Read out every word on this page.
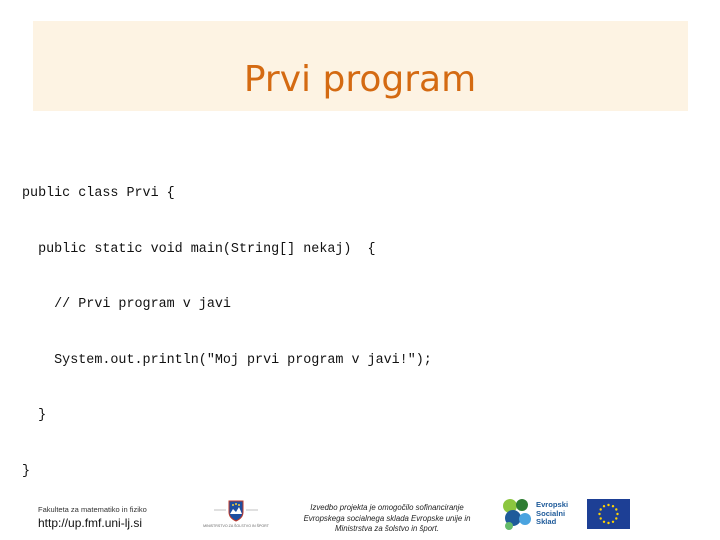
Prvi program

public class Prvi {

public static void main(String[] nekaj)  {

// Prvi program v javi

System.out.println("Moj prvi program v javi!");

}

}

Fakulteta za matematiko in fiziko
http://up.fmf.uni-lj.si	MINISTRSTVO ZA ŠOLSTVO IN ŠPORT
Izvedbo projekta je omogočilo sofinanciranje
Evropskega socialnega sklada Evropske unije in
Ministrstva za šolstvo in šport.
Evropski
Socialni
Sklad
